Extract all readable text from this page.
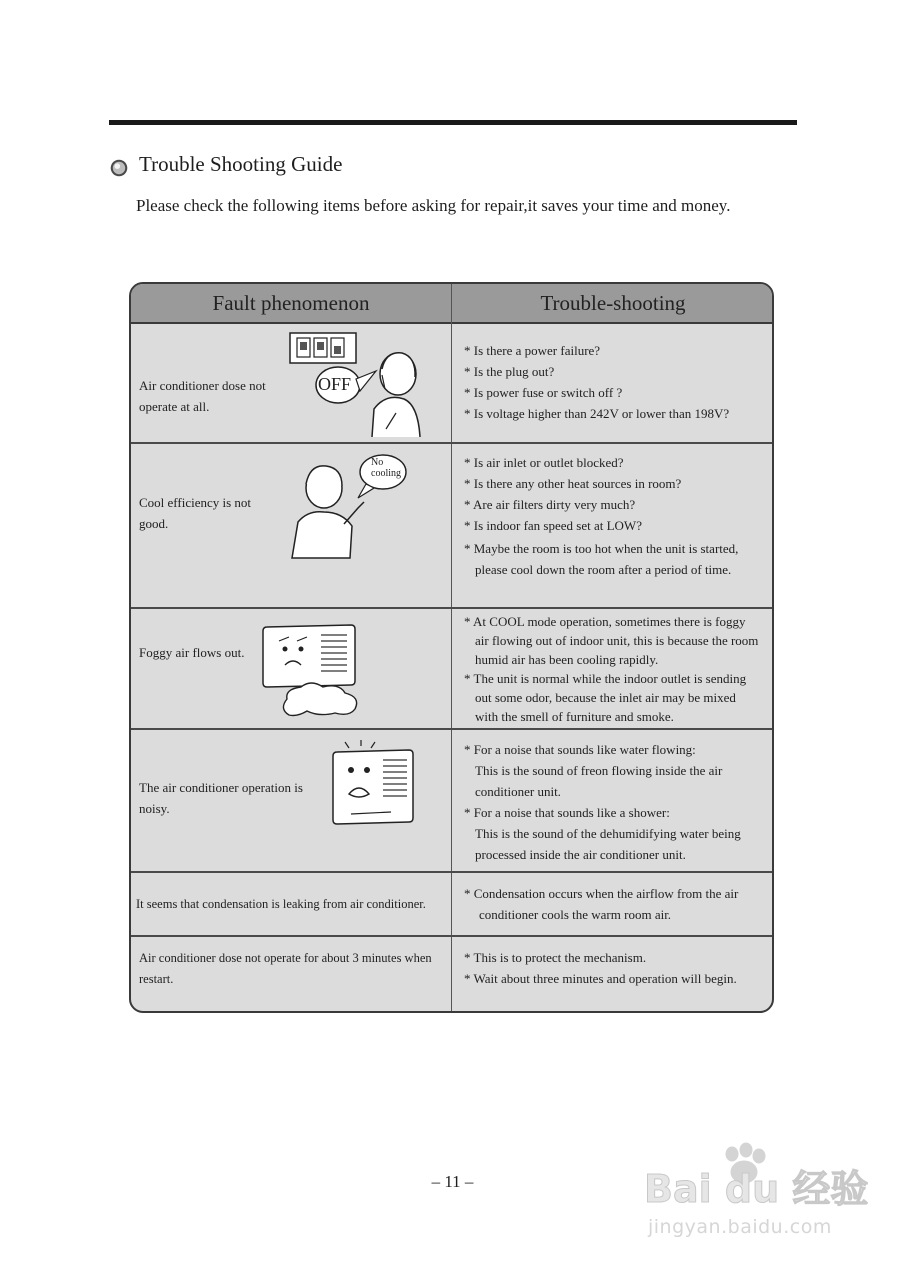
Trouble Shooting Guide
Please check the following items before asking for repair,it saves your time and money.
Fault phenomenon	Trouble-shooting
Air conditioner dose not operate at all.
OFF

* Is there a power failure?

* Is the plug out?

* Is power fuse or switch off ?

* Is voltage higher than 242V or lower than 198V?

Cool efficiency is not good.
No
cooling

* Is air inlet or outlet blocked?

* Is there any other heat sources in room?

* Are air filters dirty very much?

* Is indoor fan speed set at LOW?

* Maybe the room is too hot when the unit is started,

please cool down the room after a period of time.

Foggy air flows out.

* At COOL mode operation, sometimes there is foggy

air flowing out of indoor unit, this is because the room

humid air has been cooling rapidly.

* The unit is normal while the indoor outlet is sending

out some odor, because the inlet air may be mixed

with the smell of furniture and smoke.

The air conditioner operation is noisy.

* For a noise that sounds like water flowing:

This is the sound of freon flowing inside the air

conditioner unit.

* For a noise that sounds like a shower:

This is the sound of the dehumidifying water being

processed inside the air conditioner unit.

It seems that condensation is leaking from air conditioner.

* Condensation occurs when the airflow from the air

conditioner cools the warm room air.

Air conditioner dose not operate for about 3 minutes when restart.

* This is to protect the mechanism.

* Wait about three minutes and operation will begin.

– 11 –	Bai du 经验
jingyan.baidu.com
